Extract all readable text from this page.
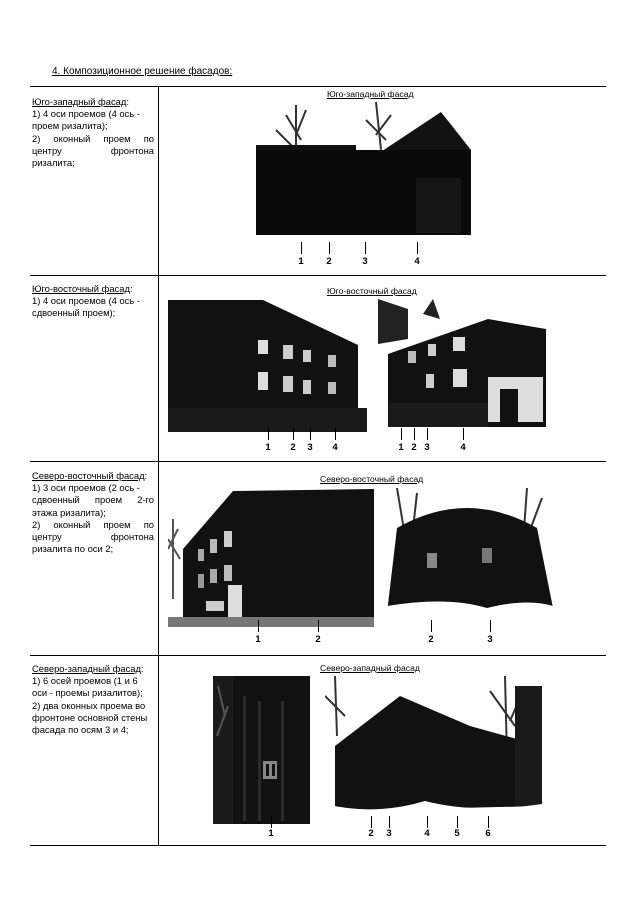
4. Композиционное решение фасадов:
Юго-западный фасад:
1) 4 оси проемов (4 ось -
проем ризалита);
2) оконный проем по
центру фронтона
ризалита;
Юго-западный фасад
1	2	3	4
Юго-восточный фасад:
1) 4 оси проемов (4 ось -
сдвоенный проем);
Юго-восточный фасад
1	2	3	4	1 2 3	4
Северо-восточный фасад:
1) 3 оси проемов (2 ось -
сдвоенный проем 2-го
этажа ризалита);
2) оконный проем по
центру фронтона
ризалита по оси 2;
Северо-восточный фасад
1	2	2	3
Северо-западный фасад:
1) 6 осей проемов (1 и 6
оси - проемы ризалитов);
2) два оконных проема во
фронтоне основной стены
фасада по осям 3 и 4;
Северо-западный фасад
1	2	3	4	5	6
